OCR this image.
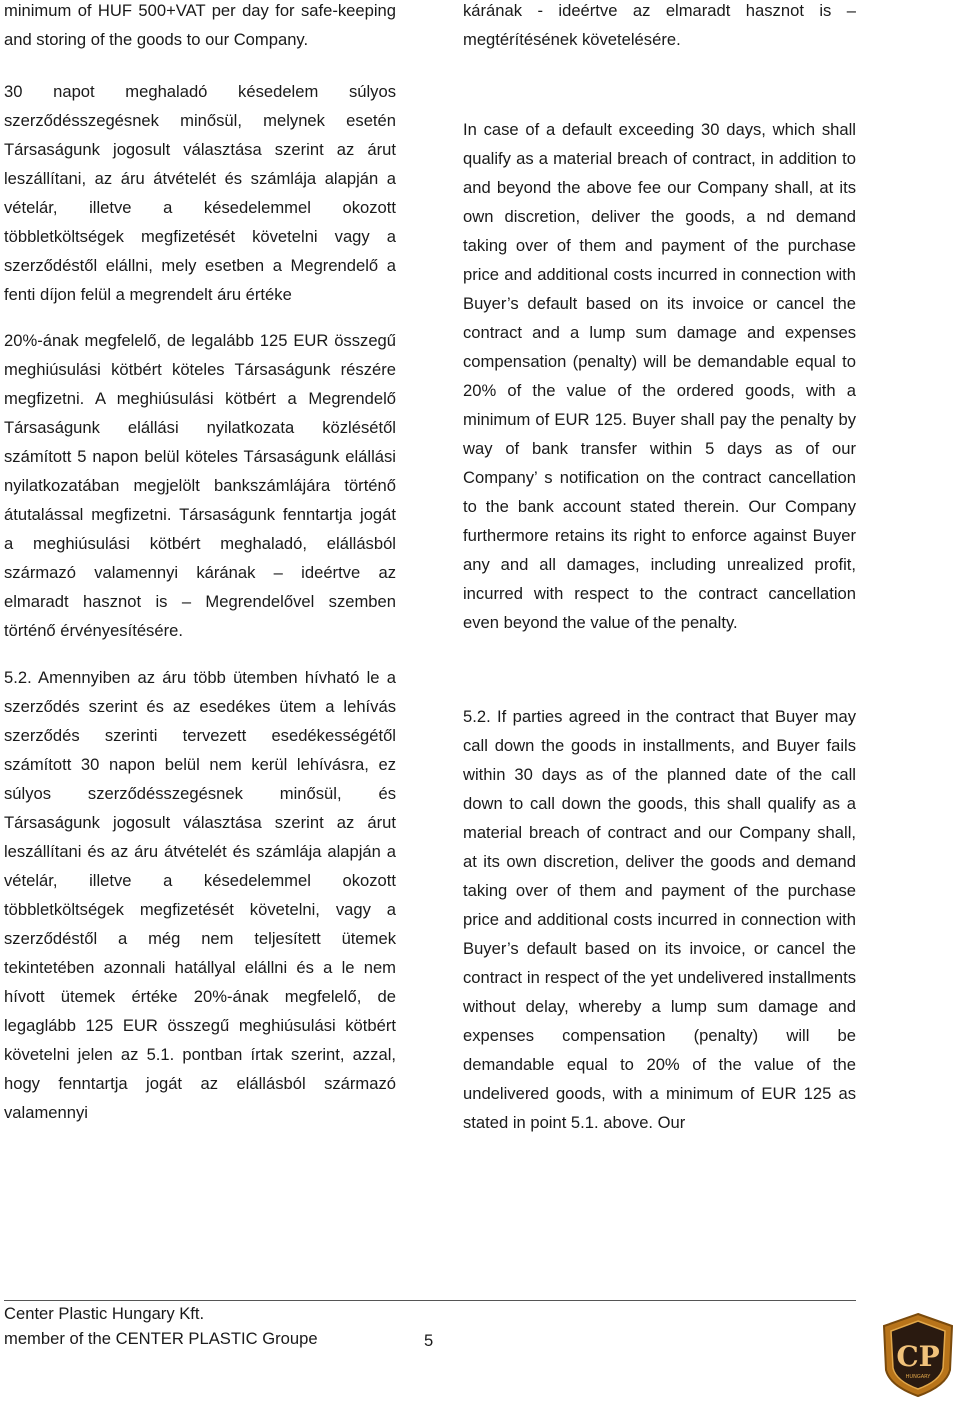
minimum of HUF 500+VAT per day for safe-keeping and storing of the goods to our Company.

30 napot meghaladó késedelem súlyos szerződésszegésnek minősül, melynek esetén Társaságunk jogosult választása szerint az árut leszállítani, az áru átvételét és számlája alapján a vételár, illetve a késedelemmel okozott többletköltségek megfizetését követelni vagy a szerződéstől elállni, mely esetben a Megrendelő a fenti díjon felül a megrendelt áru értéke

20%-ának megfelelő, de legalább 125 EUR összegű meghiúsulási kötbért köteles Társaságunk részére megfizetni. A meghiúsulási kötbért a Megrendelő Társaságunk elállási nyilatkozata közlésétől számított 5 napon belül köteles Társaságunk elállási nyilatkozatában megjelölt bankszámlájára történő átutalással megfizetni. Társaságunk fenntartja jogát a meghiúsulási kötbért meghaladó, elállásból származó valamennyi kárának – ideértve az elmaradt hasznot is – Megrendelővel szemben történő érvényesítésére.

5.2. Amennyiben az áru több ütemben hívható le a szerződés szerint és az esedékes ütem a lehívás szerződés szerinti tervezett esedékességétől számított 30 napon belül nem kerül lehívásra, ez súlyos szerződésszegésnek minősül, és Társaságunk jogosult választása szerint az árut leszállítani és az áru átvételét és számlája alapján a vételár, illetve a késedelemmel okozott többletköltségek megfizetését követelni, vagy a szerződéstől a még nem teljesített ütemek tekintetében azonnali hatállyal elállni és a le nem hívott ütemek értéke 20%-ának megfelelő, de legaglább 125 EUR összegű meghiúsulási kötbért követelni jelen az 5.1. pontban írtak szerint, azzal, hogy fenntartja jogát az elállásból származó valamennyi

kárának - ideértve az elmaradt hasznot is – megtérítésének követelésére.

In case of a default exceeding 30 days, which shall qualify as a material breach of contract, in addition to and beyond the above fee our Company shall, at its own discretion, deliver the goods, a nd demand taking over of them and payment of the purchase price and additional costs incurred in connection with Buyer’s default based on its invoice or cancel the contract and a lump sum damage and expenses compensation (penalty) will be demandable equal to 20% of the value of the ordered goods, with a minimum of EUR 125. Buyer shall pay the penalty by way of bank transfer within 5 days as of our Company’ s notification on the contract cancellation to the bank account stated therein. Our Company furthermore retains its right to enforce against Buyer any and all damages, including unrealized profit, incurred with respect to the contract cancellation even beyond the value of the penalty.

5.2. If parties agreed in the contract that Buyer may call down the goods in installments, and Buyer fails within 30 days as of the planned date of the call down to call down the goods, this shall qualify as a material breach of contract and our Company shall, at its own discretion, deliver the goods and demand taking over of them and payment of the purchase price and additional costs incurred in connection with Buyer’s default based on its invoice, or cancel the contract in respect of the yet undelivered installments without delay, whereby a lump sum damage and expenses compensation (penalty) will be demandable equal to 20% of the value of the undelivered goods, with a minimum of EUR 125 as stated in point 5.1. above. Our

Center Plastic Hungary Kft.
member of the CENTER PLASTIC Groupe	5	CP
HUNGARY
